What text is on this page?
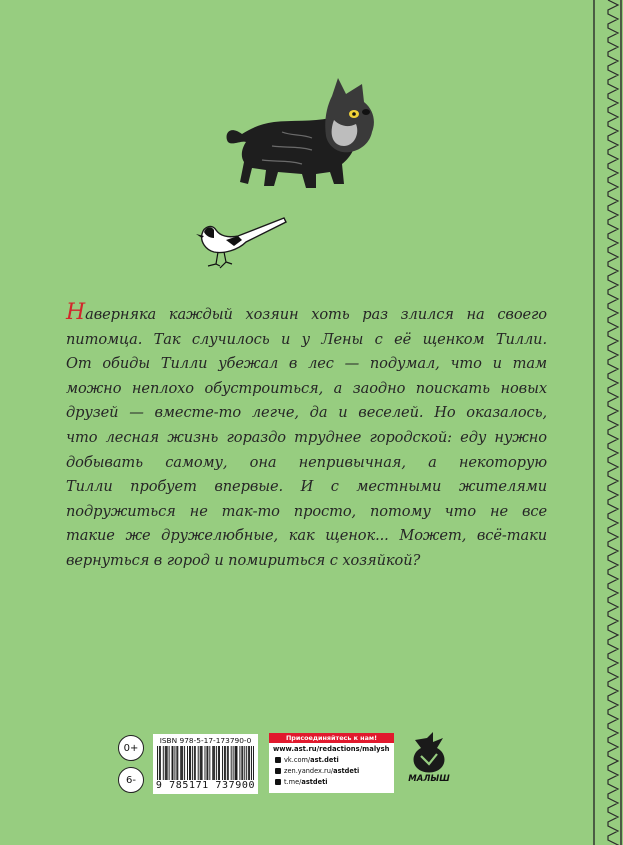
Наверняка каждый хозяин хоть раз злился на своего
питомца. Так случилось и у Лены с её щенком Тилли.
От обиды Тилли убежал в лес — подумал, что и там
можно неплохо обустроиться, а заодно поискать новых
друзей — вместе-то легче, да и веселей. Но оказалось,
что лесная жизнь гораздо труднее городской: еду нужно
добывать самому, она непривычная, а некоторую
Тилли пробует впервые. И с местными жителями
подружиться не так-то просто, потому что не все
такие же дружелюбные, как щенок... Может, всё-таки
вернуться в город и помириться с хозяйкой?
0+
6-
ISBN 978-5-17-173790-0
9 785171 737900
Присоединяйтесь к нам!
www.ast.ru/redactions/malysh
vk.com/ ast.deti
zen.yandex.ru/ astdeti
t.me/ astdeti	МАЛЫШ
